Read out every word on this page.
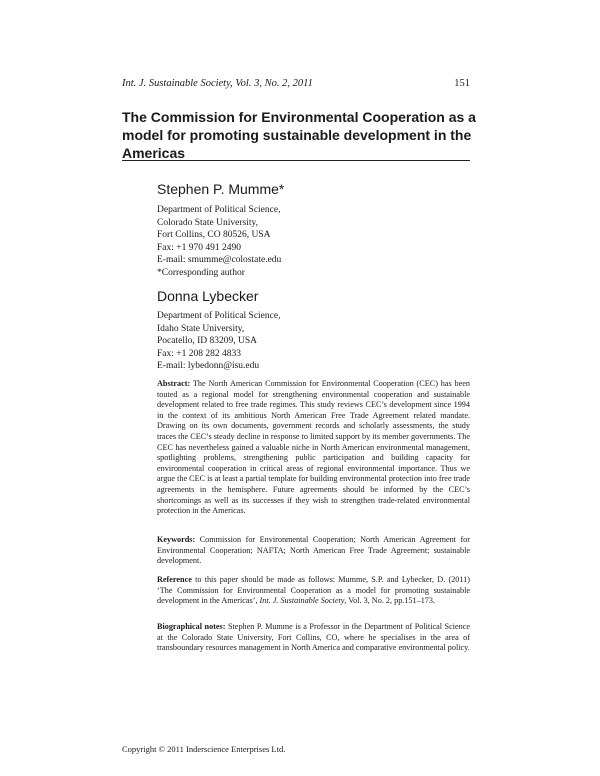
Int. J. Sustainable Society, Vol. 3, No. 2, 2011	151
The Commission for Environmental Cooperation as a model for promoting sustainable development in the Americas

Stephen P. Mumme*

Department of Political Science,
Colorado State University,
Fort Collins, CO 80526, USA
Fax: +1 970 491 2490
E-mail: smumme@colostate.edu
*Corresponding author

Donna Lybecker

Department of Political Science,
Idaho State University,
Pocatello, ID 83209, USA
Fax: +1 208 282 4833
E-mail: lybedonn@isu.edu

Abstract: The North American Commission for Environmental Cooperation (CEC) has been touted as a regional model for strengthening environmental cooperation and sustainable development related to free trade regimes. This study reviews CEC’s development since 1994 in the context of its ambitious North American Free Trade Agreement related mandate. Drawing on its own documents, government records and scholarly assessments, the study traces the CEC’s steady decline in response to limited support by its member governments. The CEC has nevertheless gained a valuable niche in North American environmental management, spotlighting problems, strengthening public participation and building capacity for environmental cooperation in critical areas of regional environmental importance. Thus we argue the CEC is at least a partial template for building environmental protection into free trade agreements in the hemisphere. Future agreements should be informed by the CEC’s shortcomings as well as its successes if they wish to strengthen trade-related environmental protection in the Americas.

Keywords: Commission for Environmental Cooperation; North American Agreement for Environmental Cooperation; NAFTA; North American Free Trade Agreement; sustainable development.

Reference to this paper should be made as follows: Mumme, S.P. and Lybecker, D. (2011) ‘The Commission for Environmental Cooperation as a model for promoting sustainable development in the Americas’, Int. J. Sustainable Society, Vol. 3, No. 2, pp.151–173.

Biographical notes: Stephen P. Mumme is a Professor in the Department of Political Science at the Colorado State University, Fort Collins, CO, where he specialises in the area of transboundary resources management in North America and comparative environmental policy.

Copyright © 2011 Inderscience Enterprises Ltd.
